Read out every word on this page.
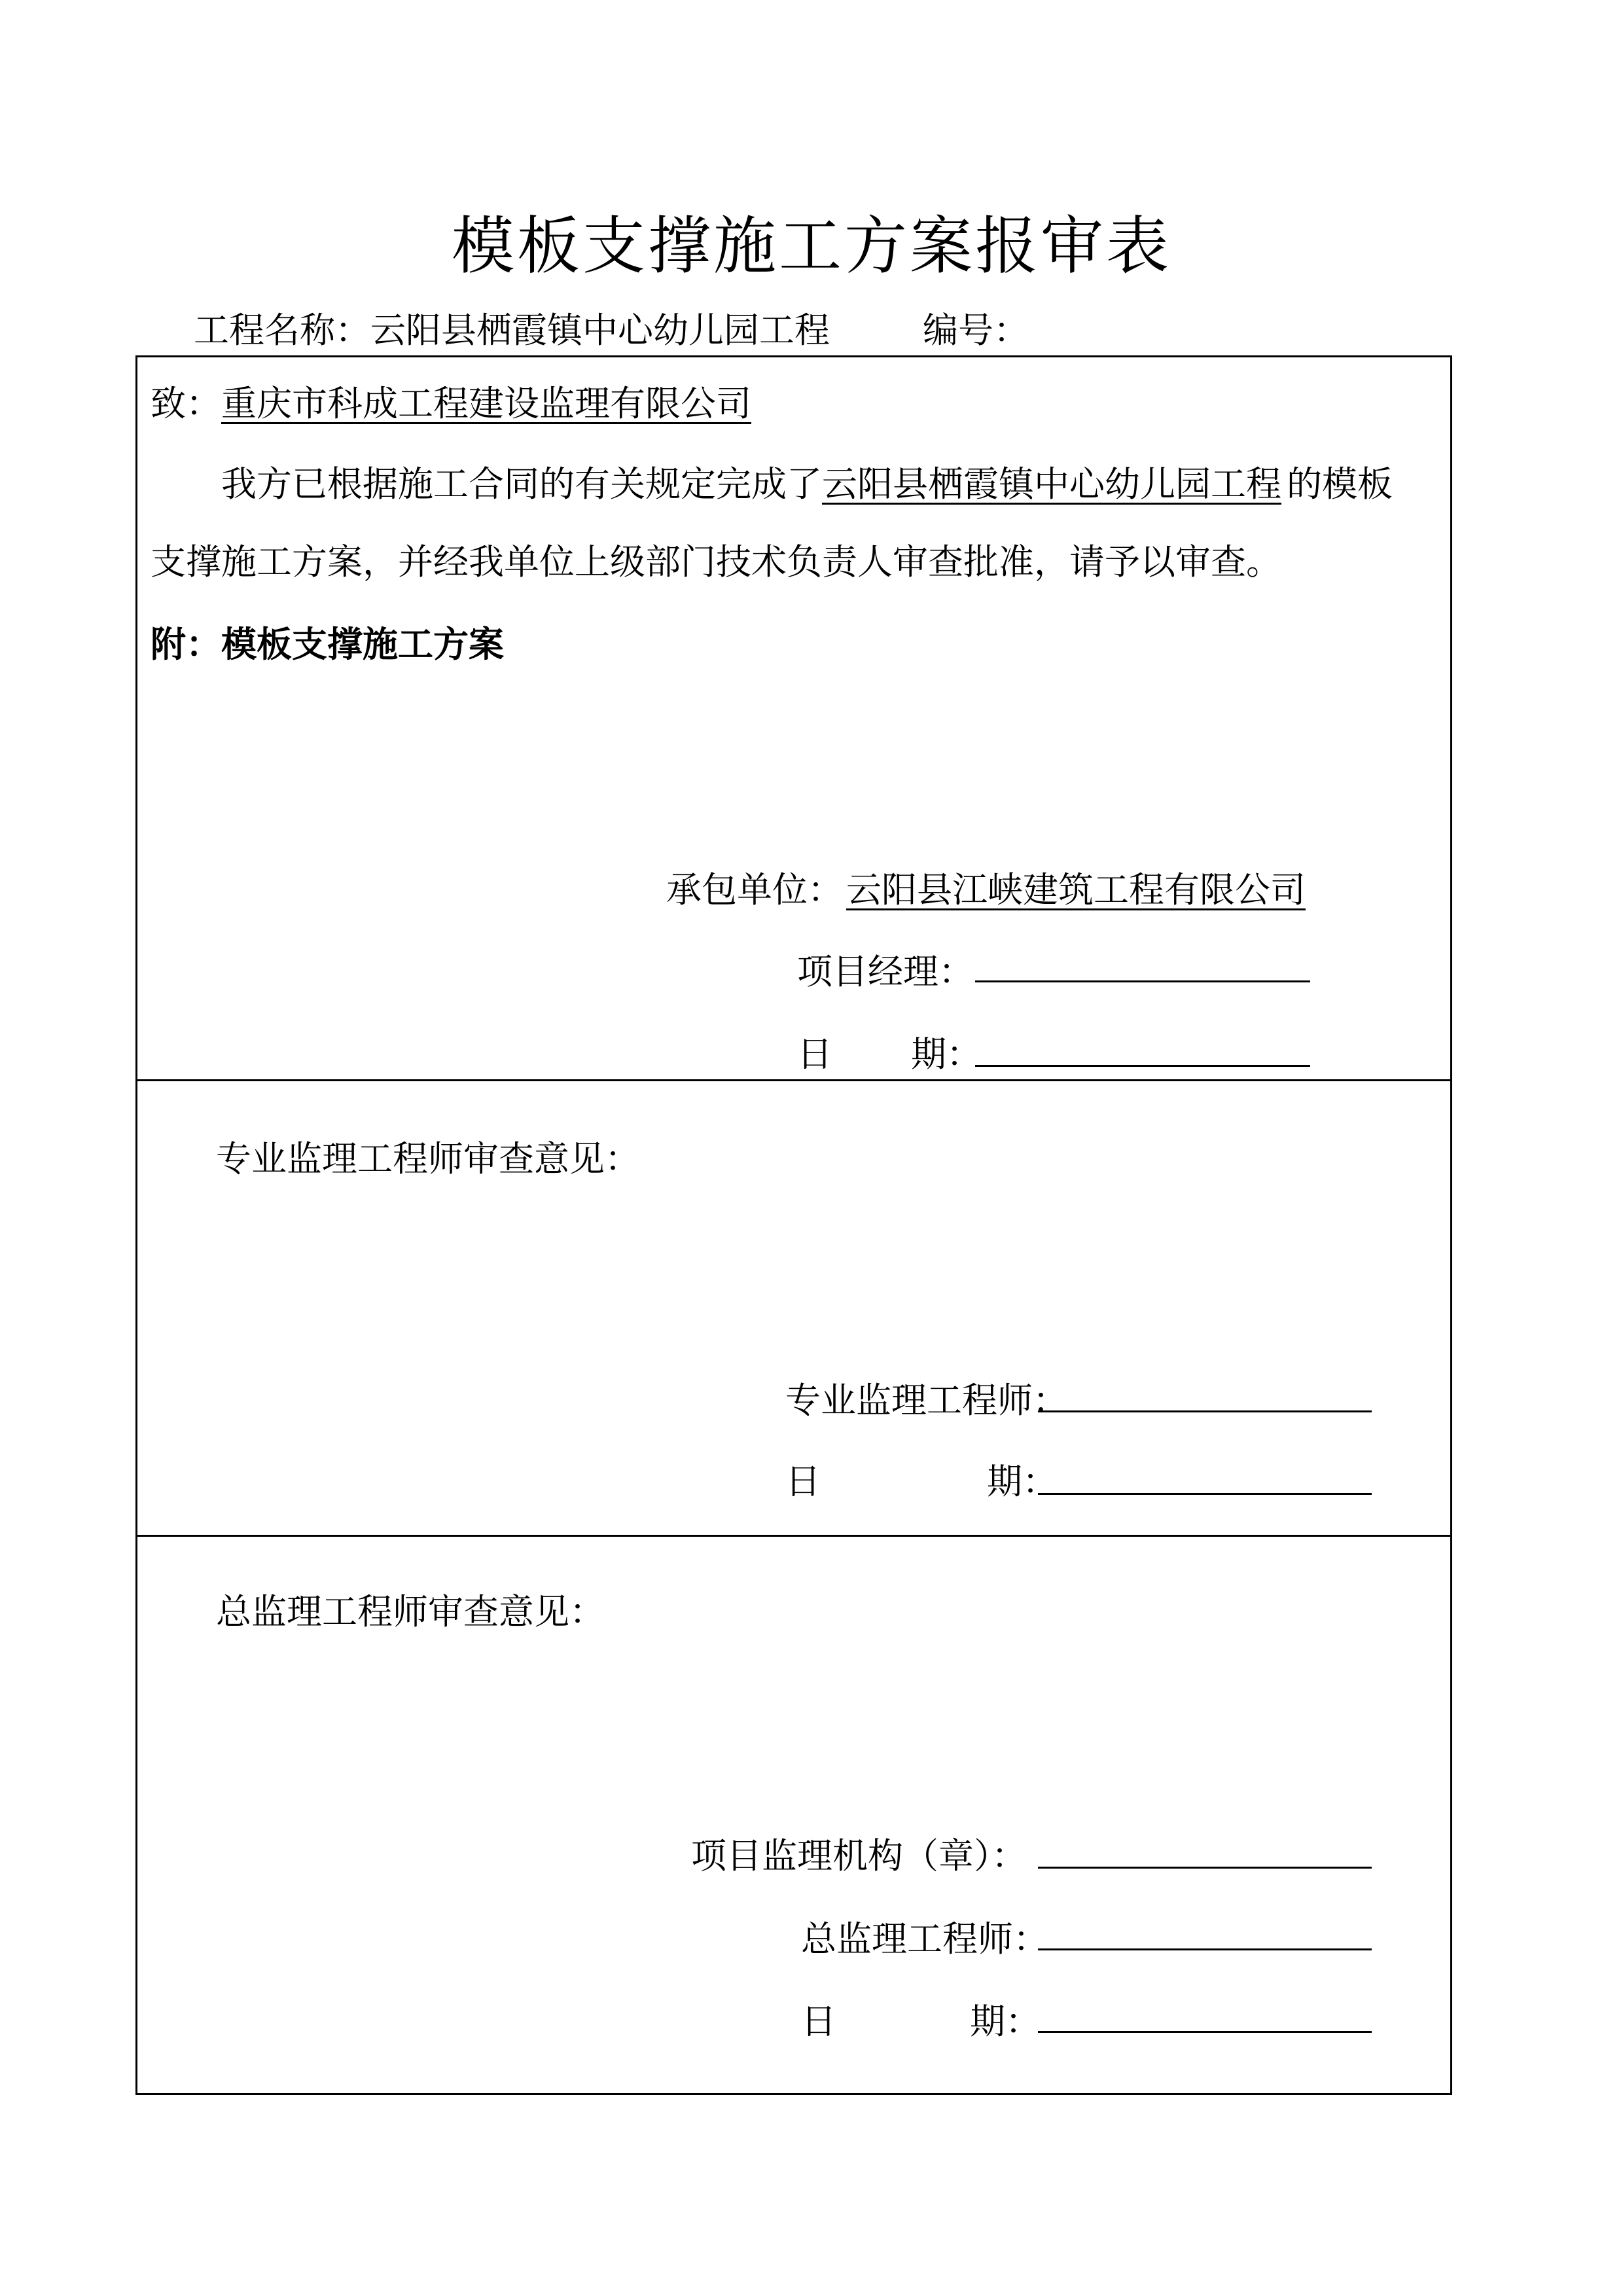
模板支撑施工方案报审表
工程名称： 云阳县栖霞镇中心幼儿园工程	编号：
致： 重庆市科成工程建设监理有限公司
我方已根据施工合同的有关规定完成了 云阳县栖霞镇中心幼儿园工程 的模板
支撑施工方案，并经我单位上级部门技术负责人审查批准，请予以审查。
附： 模板支撑施工方案
承包单位： 云阳县江峡建筑工程有限公司
项目经理：
日 期：
专业监理工程师审查意见：
专业监理工程师：
日	期：
总监理工程师审查意见：
项目监理机构（章）：
总监理工程师：
日	期：
